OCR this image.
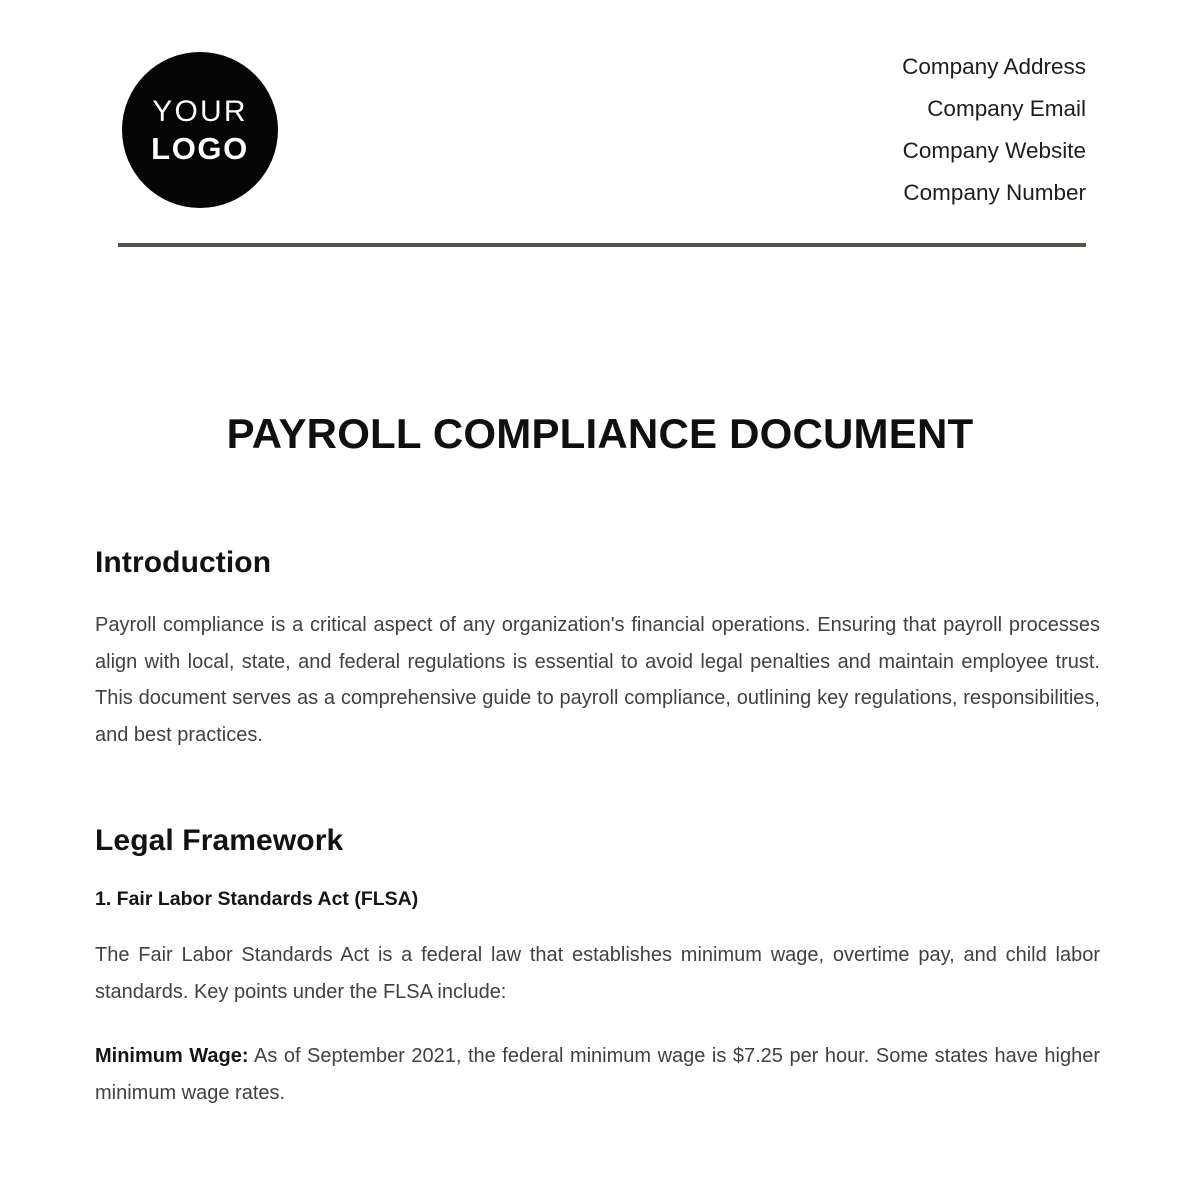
YOUR
LOGO
Company Address
Company Email
Company Website
Company Number
PAYROLL COMPLIANCE DOCUMENT
Introduction

Payroll compliance is a critical aspect of any organization's financial operations. Ensuring that payroll processes align with local, state, and federal regulations is essential to avoid legal penalties and maintain employee trust. This document serves as a comprehensive guide to payroll compliance, outlining key regulations, responsibilities, and best practices.

Legal Framework
1. Fair Labor Standards Act (FLSA)

The Fair Labor Standards Act is a federal law that establishes minimum wage, overtime pay, and child labor standards. Key points under the FLSA include:

Minimum Wage: As of September 2021, the federal minimum wage is $7.25 per hour. Some states have higher minimum wage rates.
